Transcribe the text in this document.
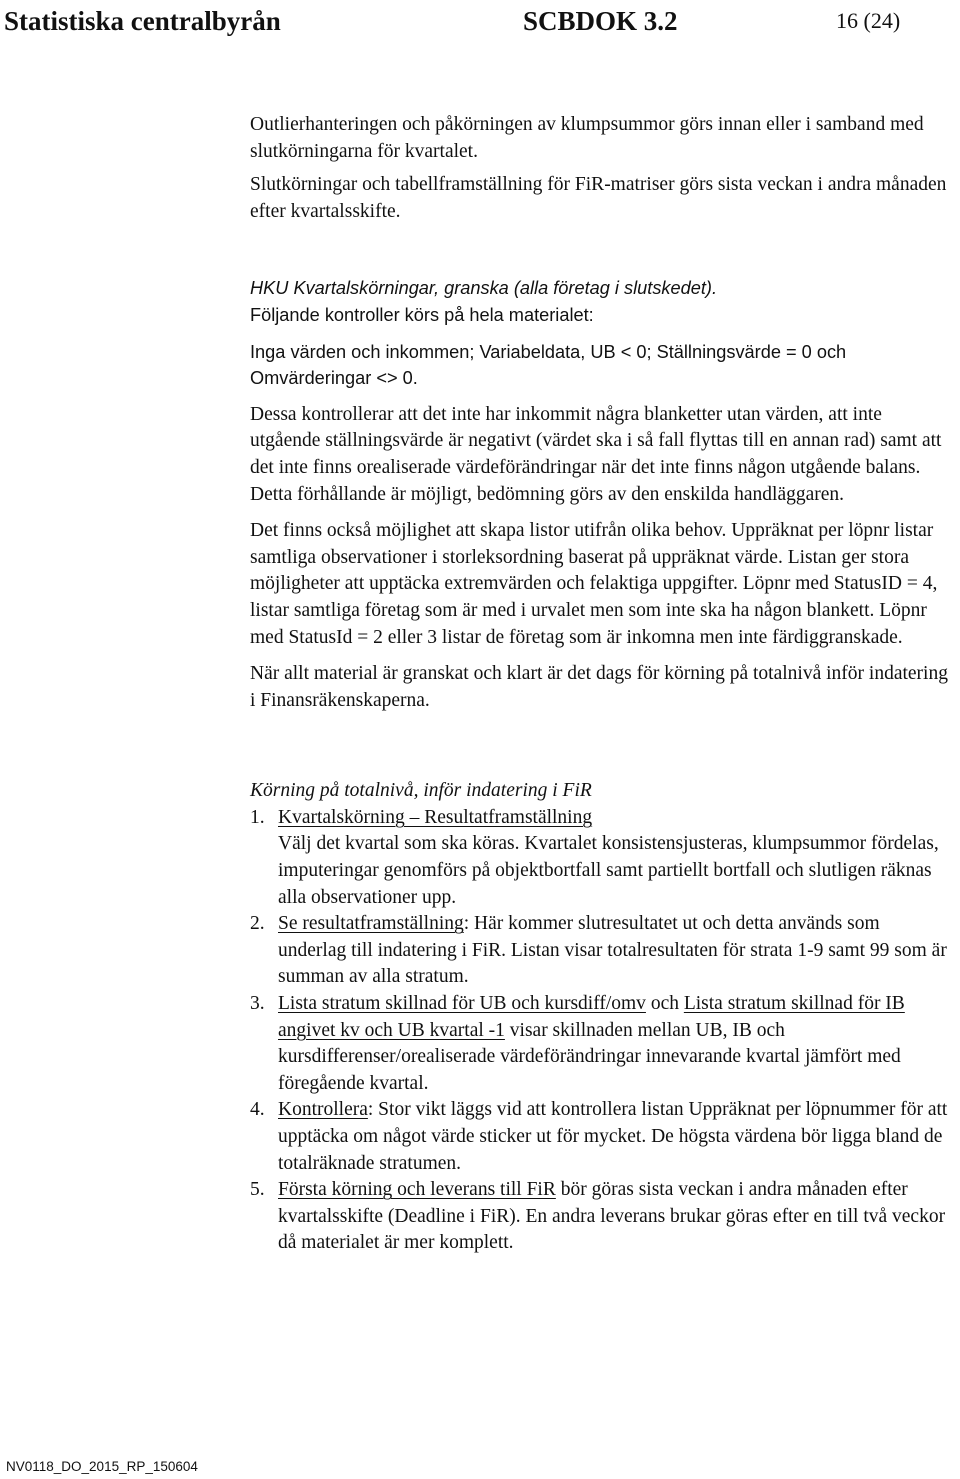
Statistiska centralbyrån	SCBDOK 3.2	16 (24)

Outlierhanteringen och påkörningen av klumpsummor görs innan eller i samband med slutkörningarna för kvartalet.

Slutkörningar och tabellframställning för FiR-matriser görs sista veckan i andra månaden efter kvartalsskifte.

HKU Kvartalskörningar, granska (alla företag i slutskedet).

Följande kontroller körs på hela materialet:

Inga värden och inkommen; Variabeldata, UB < 0; Ställningsvärde = 0 och Omvärderingar <> 0.

Dessa kontrollerar att det inte har inkommit några blanketter utan värden, att inte utgående ställningsvärde är negativt (värdet ska i så fall flyttas till en annan rad) samt att det inte finns orealiserade värdeförändringar när det inte finns någon utgående balans. Detta förhållande är möjligt, bedömning görs av den enskilda handläggaren.

Det finns också möjlighet att skapa listor utifrån olika behov. Uppräknat per löpnr listar samtliga observationer i storleksordning baserat på uppräknat värde. Listan ger stora möjligheter att upptäcka extremvärden och felaktiga uppgifter. Löpnr med StatusID = 4, listar samtliga företag som är med i urvalet men som inte ska ha någon blankett. Löpnr med StatusId = 2 eller 3 listar de företag som är inkomna men inte färdiggranskade.

När allt material är granskat och klart är det dags för körning på totalnivå inför indatering i Finansräkenskaperna.

Körning på totalnivå, inför indatering i FiR

1. Kvartalskörning – Resultatframställning
Välj det kvartal som ska köras. Kvartalet konsistensjusteras, klumpsummor fördelas, imputeringar genomförs på objektbortfall samt partiellt bortfall och slutligen räknas alla observationer upp.
2. Se resultatframställning: Här kommer slutresultatet ut och detta används som underlag till indatering i FiR. Listan visar totalresultaten för strata 1-9 samt 99 som är summan av alla stratum.
3. Lista stratum skillnad för UB och kursdiff/omv och Lista stratum skillnad för IB angivet kv och UB kvartal -1 visar skillnaden mellan UB, IB och kursdifferenser/orealiserade värdeförändringar innevarande kvartal jämfört med föregående kvartal.
4. Kontrollera: Stor vikt läggs vid att kontrollera listan Uppräknat per löpnummer för att upptäcka om något värde sticker ut för mycket. De högsta värdena bör ligga bland de totalräknade stratumen.
5. Första körning och leverans till FiR bör göras sista veckan i andra månaden efter kvartalsskifte (Deadline i FiR). En andra leverans brukar göras efter en till två veckor då materialet är mer komplett.
NV0118_DO_2015_RP_150604
